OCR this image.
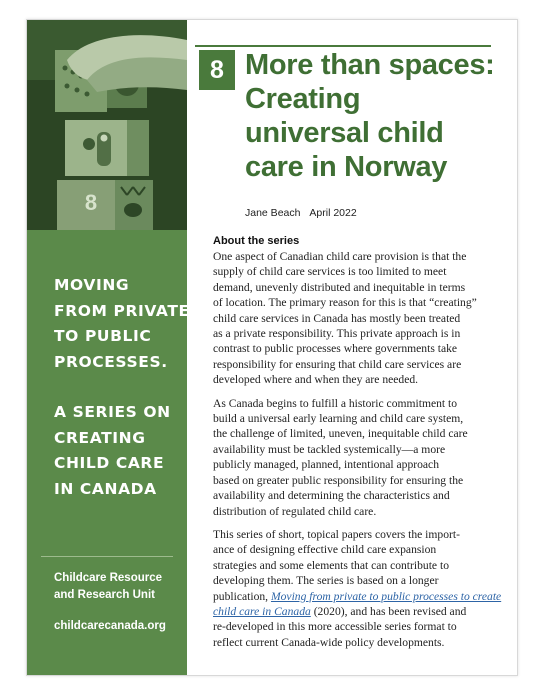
8
MOVING
FROM PRIVATE
TO PUBLIC
PROCESSES.
A SERIES ON
CREATING
CHILD CARE
IN CANADA
Childcare Resource
and Research Unit
childcarecanada.org
8 More than spaces:
Creating
universal child
care in Norway
Jane Beach April 2022
About the series

One aspect of Canadian child care provision is that the
supply of child care services is too limited to meet
demand, unevenly distributed and inequitable in terms
of location. The primary reason for this is that “creating”
child care services in Canada has mostly been treated
as a private responsibility. This private approach is in
contrast to public processes where governments take
responsibility for ensuring that child care services are
developed where and when they are needed.

As Canada begins to fulfill a historic commitment to
build a universal early learning and child care system,
the challenge of limited, uneven, inequitable child care
availability must be tackled systemically—a more
publicly managed, planned, intentional approach
based on greater public responsibility for ensuring the
availability and determining the characteristics and
distribution of regulated child care.

This series of short, topical papers covers the import-
ance of designing effective child care expansion
strategies and some elements that can contribute to
developing them. The series is based on a longer
publication, Moving from private to public processes to create
child care in Canada (2020), and has been revised and
re-developed in this more accessible series format to
reflect current Canada-wide policy developments.
